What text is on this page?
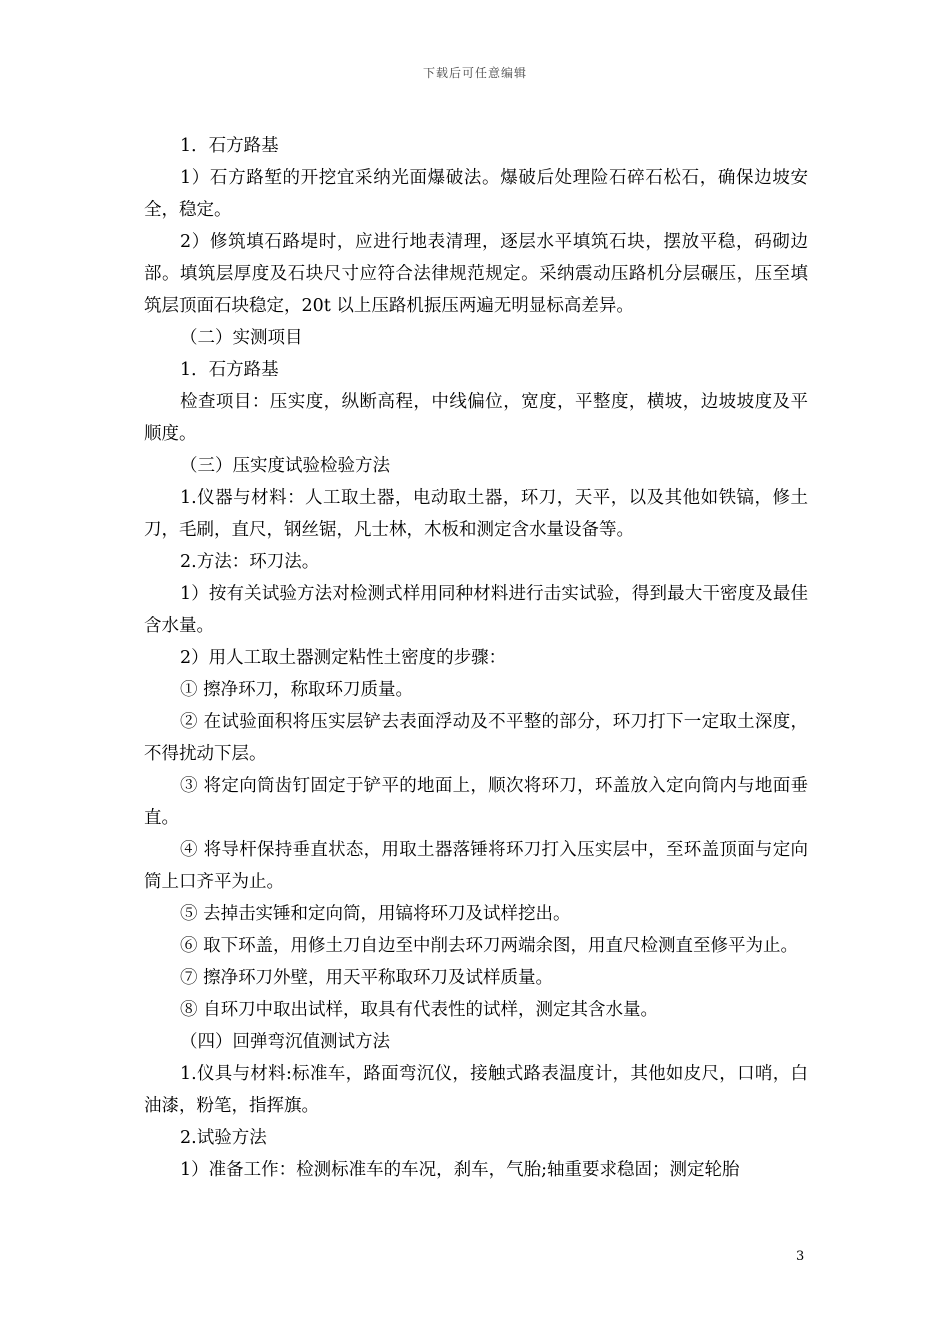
下载后可任意编辑

1．石方路基

1）石方路堑的开挖宜采纳光面爆破法。爆破后处理险石碎石松石，确保边坡安全，稳定。

2）修筑填石路堤时，应进行地表清理，逐层水平填筑石块，摆放平稳，码砌边部。填筑层厚度及石块尺寸应符合法律规范规定。采纳震动压路机分层碾压，压至填筑层顶面石块稳定，20t 以上压路机振压两遍无明显标高差异。

（二）实测项目

1．石方路基

检查项目：压实度，纵断高程，中线偏位，宽度，平整度，横坡，边坡坡度及平顺度。

（三）压实度试验检验方法

1.仪器与材料：人工取土器，电动取土器，环刀，天平，以及其他如铁镐，修土刀，毛刷，直尺，钢丝锯，凡士林，木板和测定含水量设备等。

2.方法：环刀法。

1）按有关试验方法对检测式样用同种材料进行击实试验，得到最大干密度及最佳含水量。

2）用人工取土器测定粘性土密度的步骤：

① 擦净环刀，称取环刀质量。

② 在试验面积将压实层铲去表面浮动及不平整的部分，环刀打下一定取土深度，不得扰动下层。

③ 将定向筒齿钉固定于铲平的地面上，顺次将环刀，环盖放入定向筒内与地面垂直。

④ 将导杆保持垂直状态，用取土器落锤将环刀打入压实层中，至环盖顶面与定向筒上口齐平为止。

⑤ 去掉击实锤和定向筒，用镐将环刀及试样挖出。

⑥ 取下环盖，用修土刀自边至中削去环刀两端余图，用直尺检测直至修平为止。

⑦ 擦净环刀外壁，用天平称取环刀及试样质量。

⑧ 自环刀中取出试样，取具有代表性的试样，测定其含水量。

（四）回弹弯沉值测试方法

1.仪具与材料:标准车，路面弯沉仪，接触式路表温度计，其他如皮尺，口哨，白油漆，粉笔，指挥旗。

2.试验方法

1）准备工作：检测标准车的车况，刹车，气胎;轴重要求稳固；测定轮胎

3
